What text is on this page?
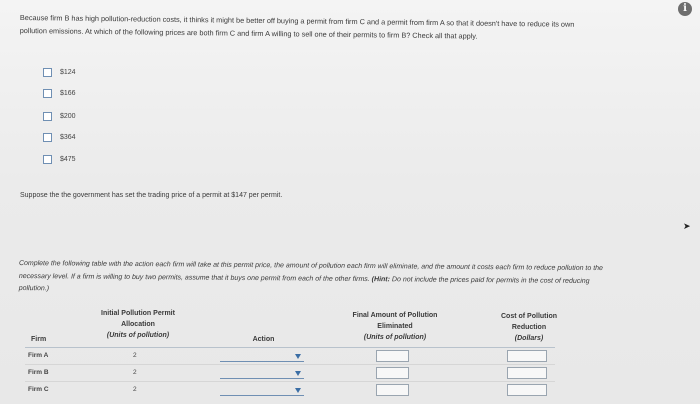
i
Because firm B has high pollution-reduction costs, it thinks it might be better off buying a permit from firm C and a permit from firm A so that it doesn't have to reduce its own pollution emissions. At which of the following prices are both firm C and firm A willing to sell one of their permits to firm B? Check all that apply.
$124
$166
$200
$364
$475
Suppose the the government has set the trading price of a permit at $147 per permit.
➤
Complete the following table with the action each firm will take at this permit price, the amount of pollution each firm will eliminate, and the amount it costs each firm to reduce pollution to the necessary level. If a firm is willing to buy two permits, assume that it buys one permit from each of the other firms. (Hint: Do not include the prices paid for permits in the cost of reducing pollution.)
Firm
Initial Pollution Permit
Allocation
(Units of pollution)
Action
Final Amount of Pollution
Eliminated
(Units of pollution)
Cost of Pollution
Reduction
(Dollars)
Firm A	2
Firm B	2
Firm C	2
